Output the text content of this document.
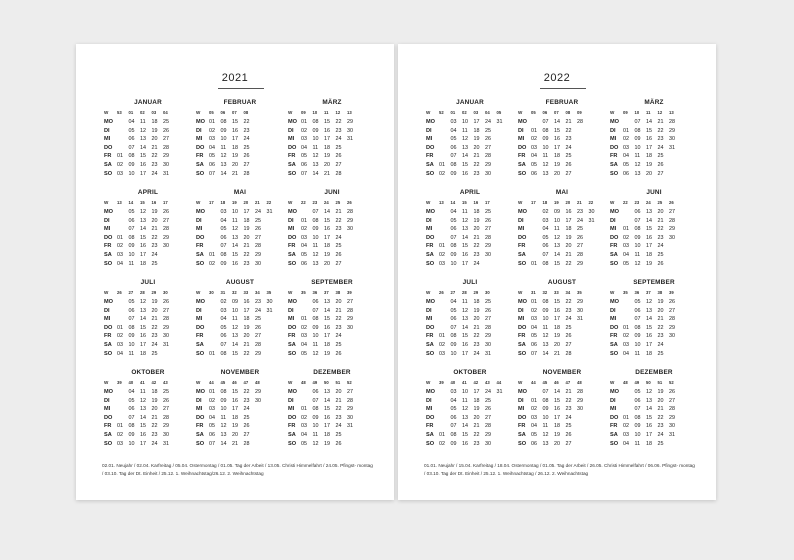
2021
JANUAR
W	53	01	02	03	04
MO		04	11	18	25
DI		05	12	19	26
MI		06	13	20	27
DO		07	14	21	28
FR	01	08	15	22	29
SA	02	09	16	23	30
SO	03	10	17	24	31
FEBRUAR
W	05	06	07	08
MO	01	08	15	22
DI	02	09	16	23
MI	03	10	17	24
DO	04	11	18	25
FR	05	12	19	26
SA	06	13	20	27
SO	07	14	21	28
MÄRZ
W	09	10	11	12	13
MO	01	08	15	22	29
DI	02	09	16	23	30
MI	03	10	17	24	31
DO	04	11	18	25	
FR	05	12	19	26	
SA	06	13	20	27	
SO	07	14	21	28	
APRIL
W	13	14	15	16	17
MO		05	12	19	26
DI		06	13	20	27
MI		07	14	21	28
DO	01	08	15	22	29
FR	02	09	16	23	30
SA	03	10	17	24	
SO	04	11	18	25	
MAI
W	17	18	19	20	21	22
MO		03	10	17	24	31
DI		04	11	18	25	
MI		05	12	19	26	
DO		06	13	20	27	
FR		07	14	21	28	
SA	01	08	15	22	29	
SO	02	09	16	23	30	
JUNI
W	22	23	24	25	26
MO		07	14	21	28
DI	01	08	15	22	29
MI	02	09	16	23	30
DO	03	10	17	24	
FR	04	11	18	25	
SA	05	12	19	26	
SO	06	13	20	27	
JULI
W	26	27	28	29	30
MO		05	12	19	26
DI		06	13	20	27
MI		07	14	21	28
DO	01	08	15	22	29
FR	02	09	16	23	30
SA	03	10	17	24	31
SO	04	11	18	25	
AUGUST
W	30	31	32	33	34	35
MO		02	09	16	23	30
DI		03	10	17	24	31
MI		04	11	18	25	
DO		05	12	19	26	
FR		06	13	20	27	
SA		07	14	21	28	
SO	01	08	15	22	29	
SEPTEMBER
W	35	36	37	38	39
MO		06	13	20	27
DI		07	14	21	28
MI	01	08	15	22	29
DO	02	09	16	23	30
FR	03	10	17	24	
SA	04	11	18	25	
SO	05	12	19	26	
OKTOBER
W	39	40	41	42	43
MO		04	11	18	25
DI		05	12	19	26
MI		06	13	20	27
DO		07	14	21	28
FR	01	08	15	22	29
SA	02	09	16	23	30
SO	03	10	17	24	31
NOVEMBER
W	44	45	46	47	48
MO	01	08	15	22	29
DI	02	09	16	23	30
MI	03	10	17	24	
DO	04	11	18	25	
FR	05	12	19	26	
SA	06	13	20	27	
SO	07	14	21	28	
DEZEMBER
W	48	49	50	51	52
MO		06	13	20	27
DI		07	14	21	28
MI	01	08	15	22	29
DO	02	09	16	23	30
FR	03	10	17	24	31
SA	04	11	18	25	
SO	05	12	19	26	
02.01. Neujahr / 02.04. Karfreitag / 05.04. Ostermontag / 01.05. Tag der Arbeit / 13.05. Christi Himmelfahrt / 24.05. Pfingst- montag / 03.10. Tag der Dt. Einheit / 25.12. 1. Weihnachtstag/26.12. 2. Weihnachtstag
2022
JANUAR
W	52	01	02	03	04	05
MO		03	10	17	24	31
DI		04	11	18	25	
MI		05	12	19	26	
DO		06	13	20	27	
FR		07	14	21	28	
SA	01	08	15	22	29	
SO	02	09	16	23	30	
FEBRUAR
W	05	06	07	08	09
MO		07	14	21	28
DI	01	08	15	22	
MI	02	09	16	23	
DO	03	10	17	24	
FR	04	11	18	25	
SA	05	12	19	26	
SO	06	13	20	27	
MÄRZ
W	09	10	11	12	13
MO		07	14	21	28
DI	01	08	15	22	29
MI	02	09	16	23	30
DO	03	10	17	24	31
FR	04	11	18	25	
SA	05	12	19	26	
SO	06	13	20	27	
APRIL
W	13	14	15	16	17
MO		04	11	18	25
DI		05	12	19	26
MI		06	13	20	27
DO		07	14	21	28
FR	01	08	15	22	29
SA	02	09	16	23	30
SO	03	10	17	24	
MAI
W	17	18	19	20	21	22
MO		02	09	16	23	30
DI		03	10	17	24	31
MI		04	11	18	25	
DO		05	12	19	26	
FR		06	13	20	27	
SA		07	14	21	28	
SO	01	08	15	22	29	
JUNI
W	22	23	24	25	26
MO		06	13	20	27
DI		07	14	21	28
MI	01	08	15	22	29
DO	02	09	16	23	30
FR	03	10	17	24	
SA	04	11	18	25	
SO	05	12	19	26	
JULI
W	26	27	28	29	30
MO		04	11	18	25
DI		05	12	19	26
MI		06	13	20	27
DO		07	14	21	28
FR	01	08	15	22	29
SA	02	09	16	23	30
SO	03	10	17	24	31
AUGUST
W	31	32	33	34	35
MO	01	08	15	22	29
DI	02	09	16	23	30
MI	03	10	17	24	31
DO	04	11	18	25	
FR	05	12	19	26	
SA	06	13	20	27	
SO	07	14	21	28	
SEPTEMBER
W	35	36	37	38	39
MO		05	12	19	26
DI		06	13	20	27
MI		07	14	21	28
DO	01	08	15	22	29
FR	02	09	16	23	30
SA	03	10	17	24	
SO	04	11	18	25	
OKTOBER
W	39	40	41	42	43	44
MO		03	10	17	24	31
DI		04	11	18	25	
MI		05	12	19	26	
DO		06	13	20	27	
FR		07	14	21	28	
SA	01	08	15	22	29	
SO	02	09	16	23	30	
NOVEMBER
W	44	45	46	47	48
MO		07	14	21	28
DI	01	08	15	22	29
MI	02	09	16	23	30
DO	03	10	17	24	
FR	04	11	18	25	
SA	05	12	19	26	
SO	06	13	20	27	
DEZEMBER
W	48	49	50	51	52
MO		05	12	19	26
DI		06	13	20	27
MI		07	14	21	28
DO	01	08	15	22	29
FR	02	09	16	23	30
SA	03	10	17	24	31
SO	04	11	18	25	
01.01. Neujahr / 15.04. Karfreitag / 18.04. Ostermontag / 01.05. Tag der Arbeit / 26.05. Christi Himmelfahrt / 06.06. Pfingst- montag / 03.10. Tag der Dt. Einheit / 25.12. 1. Weihnachtstag / 26.12. 2. Weihnachtstag
